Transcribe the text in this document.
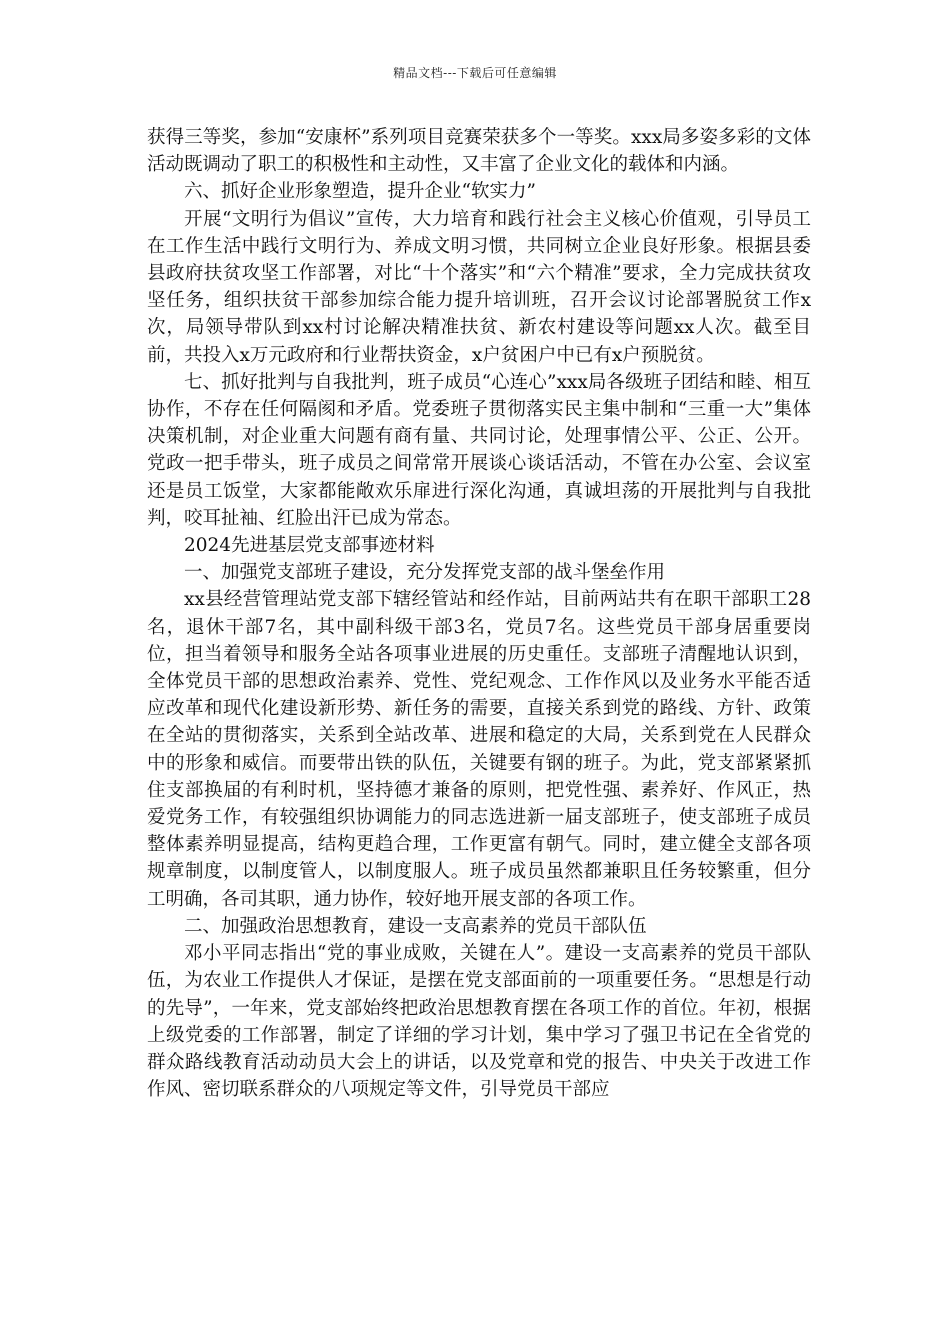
精品文档---下载后可任意编辑

获得三等奖，参加“安康杯”系列项目竞赛荣获多个一等奖。xxx局多姿多彩的文体活动既调动了职工的积极性和主动性，又丰富了企业文化的载体和内涵。

六、抓好企业形象塑造，提升企业“软实力”

开展“文明行为倡议”宣传，大力培育和践行社会主义核心价值观，引导员工在工作生活中践行文明行为、养成文明习惯，共同树立企业良好形象。根据县委县政府扶贫攻坚工作部署，对比“十个落实”和“六个精准”要求，全力完成扶贫攻坚任务，组织扶贫干部参加综合能力提升培训班，召开会议讨论部署脱贫工作x次，局领导带队到xx村讨论解决精准扶贫、新农村建设等问题xx人次。截至目前，共投入x万元政府和行业帮扶资金，x户贫困户中已有x户预脱贫。

七、抓好批判与自我批判，班子成员“心连心”xxx局各级班子团结和睦、相互协作，不存在任何隔阂和矛盾。党委班子贯彻落实民主集中制和“三重一大”集体决策机制，对企业重大问题有商有量、共同讨论，处理事情公平、公正、公开。党政一把手带头，班子成员之间常常开展谈心谈话活动，不管在办公室、会议室还是员工饭堂，大家都能敞欢乐扉进行深化沟通，真诚坦荡的开展批判与自我批判，咬耳扯袖、红脸出汗已成为常态。

2024先进基层党支部事迹材料

一、加强党支部班子建设，充分发挥党支部的战斗堡垒作用

xx县经营管理站党支部下辖经管站和经作站，目前两站共有在职干部职工28名，退休干部7名，其中副科级干部3名，党员7名。这些党员干部身居重要岗位，担当着领导和服务全站各项事业进展的历史重任。支部班子清醒地认识到，全体党员干部的思想政治素养、党性、党纪观念、工作作风以及业务水平能否适应改革和现代化建设新形势、新任务的需要，直接关系到党的路线、方针、政策在全站的贯彻落实，关系到全站改革、进展和稳定的大局，关系到党在人民群众中的形象和威信。而要带出铁的队伍，关键要有钢的班子。为此，党支部紧紧抓住支部换届的有利时机，坚持德才兼备的原则，把党性强、素养好、作风正，热爱党务工作，有较强组织协调能力的同志选进新一届支部班子，使支部班子成员整体素养明显提高，结构更趋合理，工作更富有朝气。同时，建立健全支部各项规章制度，以制度管人，以制度服人。班子成员虽然都兼职且任务较繁重，但分工明确，各司其职，通力协作，较好地开展支部的各项工作。

二、加强政治思想教育，建设一支高素养的党员干部队伍

邓小平同志指出“党的事业成败，关键在人”。建设一支高素养的党员干部队伍，为农业工作提供人才保证，是摆在党支部面前的一项重要任务。“思想是行动的先导”，一年来，党支部始终把政治思想教育摆在各项工作的首位。年初，根据上级党委的工作部署，制定了详细的学习计划，集中学习了强卫书记在全省党的群众路线教育活动动员大会上的讲话，以及党章和党的报告、中央关于改进工作作风、密切联系群众的八项规定等文件，引导党员干部应
